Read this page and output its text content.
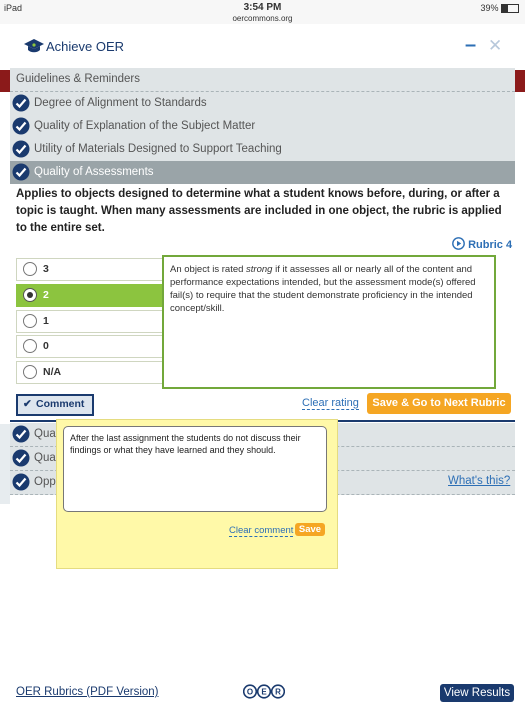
iPad	3:54 PM
oercommons.org
39%
Achieve OER	– ✕
Guidelines & Reminders
Degree of Alignment to Standards
Quality of Explanation of the Subject Matter
Utility of Materials Designed to Support Teaching
Quality of Assessments
Applies to objects designed to determine what a student knows before, during, or after a topic is taught. When many assessments are included in one object, the rubric is applied to the entire set.
Rubric 4
3
2
1
0
N/A
An object is rated strong if it assesses all or nearly all of the content and performance expectations intended, but the assessment mode(s) offered fail(s) to require that the student demonstrate proficiency in the intended concept/skill.
✔ Comment	Clear rating	Save & Go to Next Rubric
Qua
Qua
Opp	What's this?
After the last assignment the students do not discuss their findings or what they have learned and they should.
Clear comment Save
OER Rubrics (PDF Version)	O E R	View Results
